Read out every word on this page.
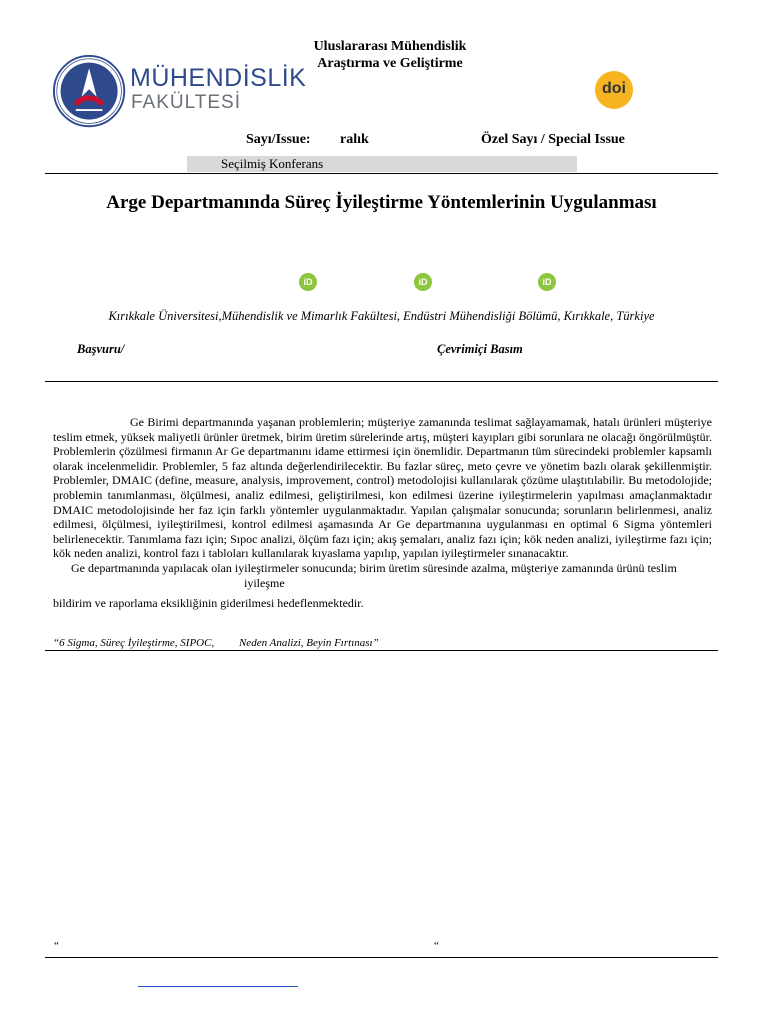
Uluslararası Mühendislik
Araştırma ve Geliştirme
MÜHENDİSLİK
FAKÜLTESİ
doi
Sayı/Issue: ralık	Özel Sayı / Special Issue
Seçilmiş Konferans
Arge Departmanında Süreç İyileştirme Yöntemlerinin Uygulanması
iD	iD	iD
Kırıkkale Üniversitesi,Mühendislik ve Mimarlık Fakültesi, Endüstri Mühendisliği Bölümü, Kırıkkale, Türkiye
Başvuru/	Çevrimiçi Basım

Ge Birimi departmanında yaşanan problemlerin; müşteriye zamanında teslimat sağlayamamak, hatalı ürünleri müşteriye teslim etmek, yüksek maliyetli ürünler üretmek, birim üretim sürelerinde artış, müşteri kayıpları gibi sorunlara ne olacağı öngörülmüştür. Problemlerin çözülmesi firmanın Ar Ge departmanını idame ettirmesi için önemlidir. Departmanın tüm sürecindeki problemler kapsamlı olarak incelenmelidir. Problemler, 5 faz altında değerlendirilecektir. Bu fazlar süreç, meto çevre ve yönetim bazlı olarak şekillenmiştir. Problemler, DMAIC (define, measure, analysis, improvement, control) metodolojisi kullanılarak çözüme ulaştıtılabilir. Bu metodolojide; problemin tanımlanması, ölçülmesi, analiz edilmesi, geliştirilmesi, kon edilmesi üzerine iyileştirmelerin yapılması amaçlanmaktadır DMAIC metodolojisinde her faz için farklı yöntemler uygulanmaktadır. Yapılan çalışmalar sonucunda; sorunların belirlenmesi, analiz edilmesi, ölçülmesi, iyileştirilmesi, kontrol edilmesi aşamasında Ar Ge departmanına uygulanması en optimal 6 Sigma yöntemleri belirlenecektir. Tanımlama fazı için; Sıpoc analizi, ölçüm fazı için; akış şemaları, analiz fazı için; kök neden analizi, iyileştirme fazı için; kök neden analizi, kontrol fazı i tabloları kullanılarak kıyaslama yapılıp, yapılan iyileştirmeler sınanacaktır.

Ge departmanında yapılacak olan iyileştirmeler sonucunda; birim üretim süresinde azalma, müşteriye zamanında ürünü teslim

iyileşme

bildirim ve raporlama eksikliğinin giderilmesi hedeflenmektedir.

“6 Sigma, Süreç İyileştirme, SIPOC, Neden Analizi, Beyin Fırtınası”
“	“
